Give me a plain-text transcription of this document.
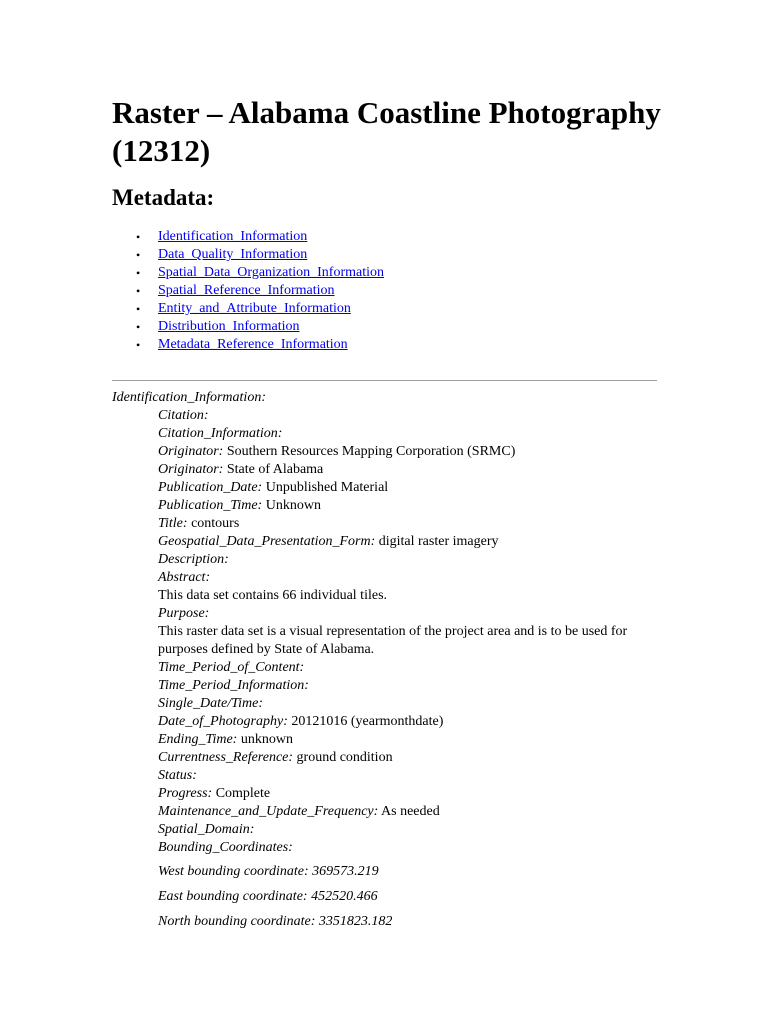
Raster – Alabama Coastline Photography (12312)
Metadata:
• Identification_Information
• Data_Quality_Information
• Spatial_Data_Organization_Information
• Spatial_Reference_Information
• Entity_and_Attribute_Information
• Distribution_Information
• Metadata_Reference_Information
Identification_Information:
Citation:
Citation_Information:
Originator: Southern Resources Mapping Corporation (SRMC)
Originator: State of Alabama
Publication_Date: Unpublished Material
Publication_Time: Unknown
Title: contours
Geospatial_Data_Presentation_Form: digital raster imagery
Description:
Abstract:
This data set contains 66 individual tiles.
Purpose:
This raster data set is a visual representation of the project area and is to be used for purposes defined by State of Alabama.
Time_Period_of_Content:
Time_Period_Information:
Single_Date/Time:
Date_of_Photography: 20121016 (yearmonthdate)
Ending_Time: unknown
Currentness_Reference: ground condition
Status:
Progress: Complete
Maintenance_and_Update_Frequency: As needed
Spatial_Domain:
Bounding_Coordinates:
West bounding coordinate: 369573.219
East bounding coordinate: 452520.466
North bounding coordinate: 3351823.182
